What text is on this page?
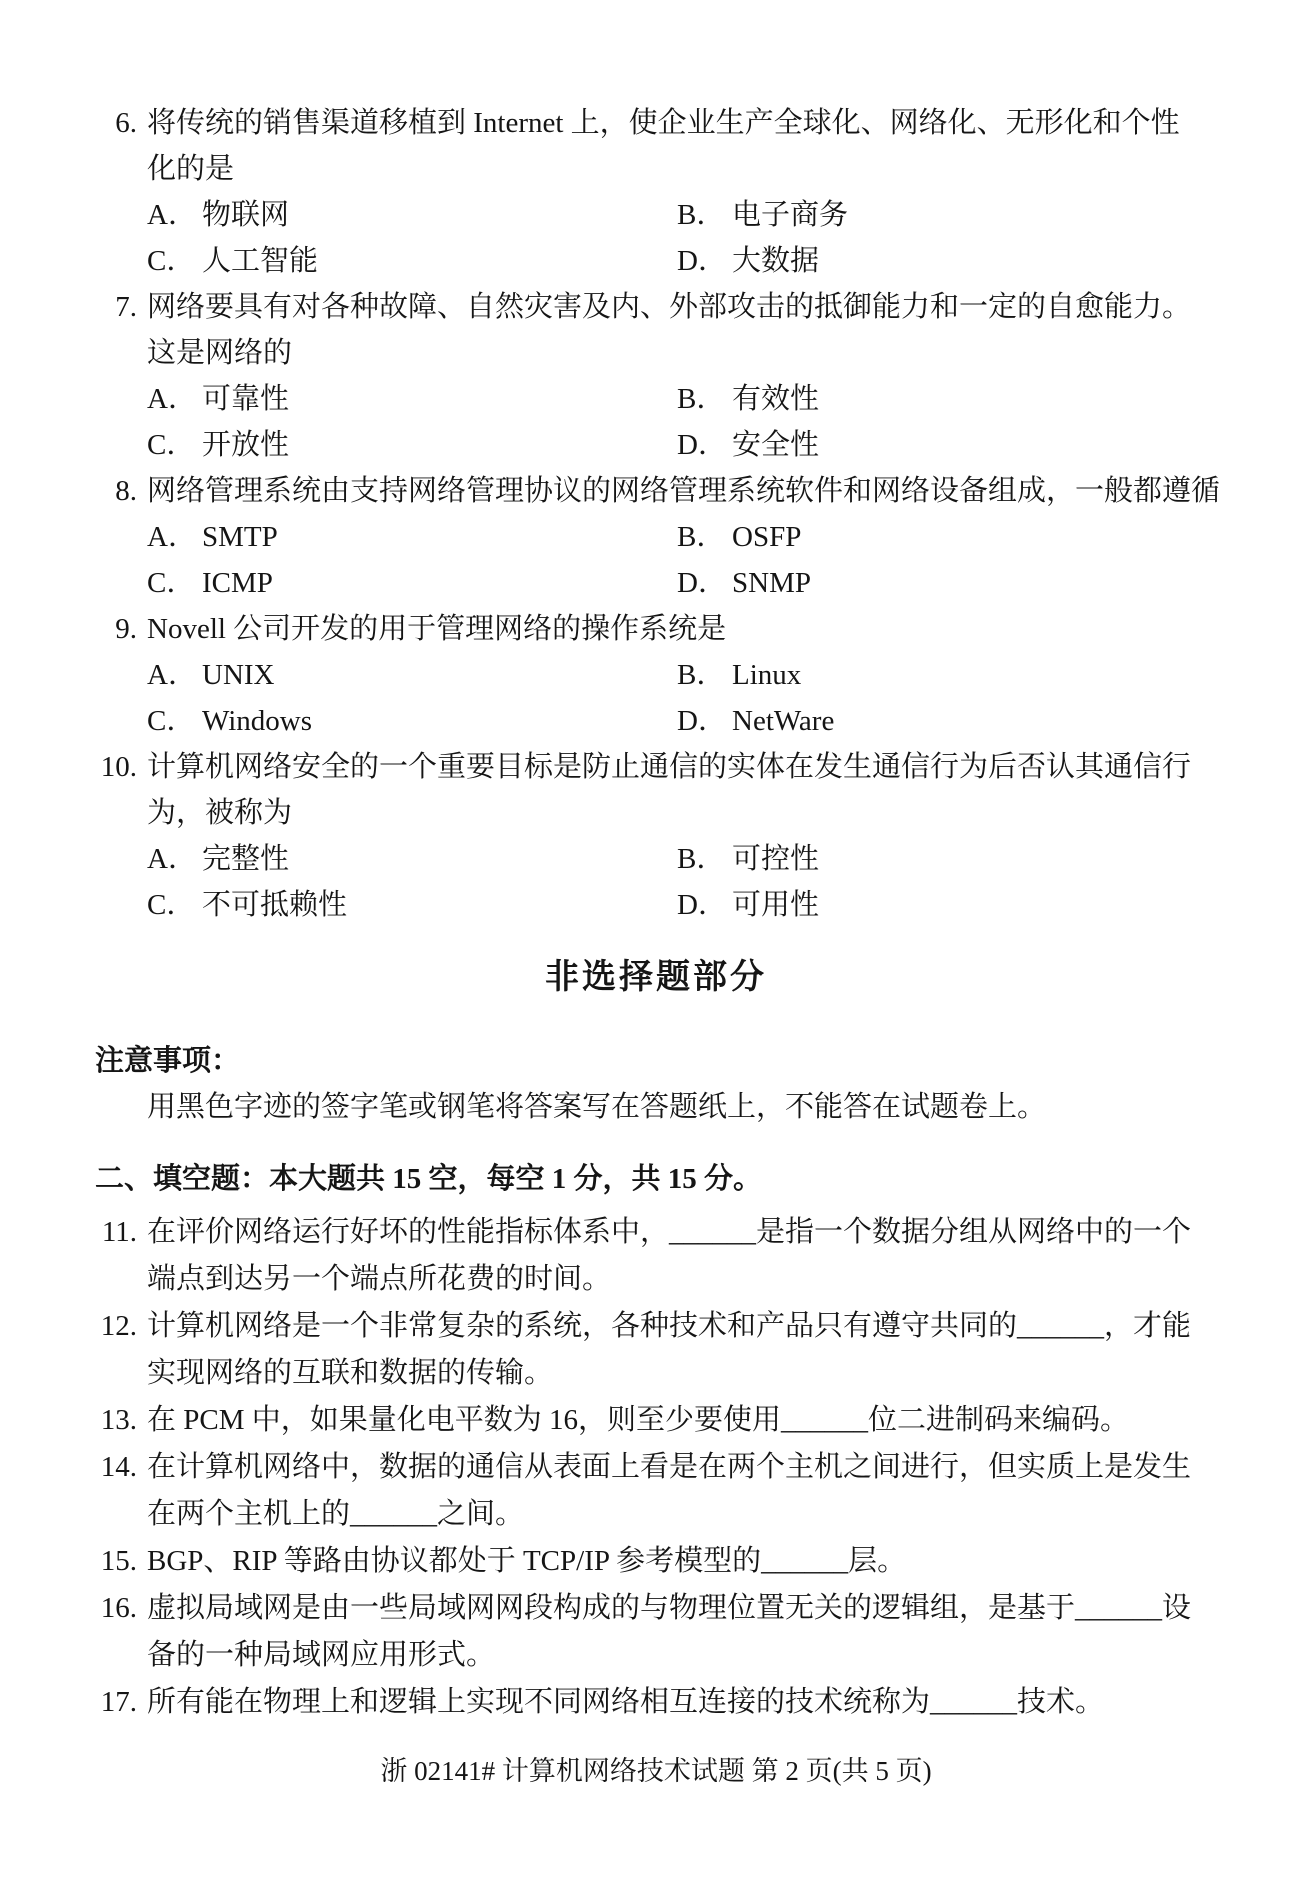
6. 将传统的销售渠道移植到 Internet 上，使企业生产全球化、网络化、无形化和个性
化的是
A． 物联网	B． 电子商务
C． 人工智能	D． 大数据
7. 网络要具有对各种故障、自然灾害及内、外部攻击的抵御能力和一定的自愈能力。
这是网络的
A． 可靠性	B． 有效性
C． 开放性	D． 安全性
8. 网络管理系统由支持网络管理协议的网络管理系统软件和网络设备组成，一般都遵循
A． SMTP	B． OSFP
C． ICMP	D． SNMP
9. Novell 公司开发的用于管理网络的操作系统是
A． UNIX	B． Linux
C． Windows	D． NetWare
10. 计算机网络安全的一个重要目标是防止通信的实体在发生通信行为后否认其通信行
为，被称为
A． 完整性	B． 可控性
C． 不可抵赖性	D． 可用性
非选择题部分
注意事项：
用黑色字迹的签字笔或钢笔将答案写在答题纸上，不能答在试题卷上。
二、填空题：本大题共 15 空，每空 1 分，共 15 分。
11. 在评价网络运行好坏的性能指标体系中，______是指一个数据分组从网络中的一个
端点到达另一个端点所花费的时间。
12. 计算机网络是一个非常复杂的系统，各种技术和产品只有遵守共同的______，才能
实现网络的互联和数据的传输。
13. 在 PCM 中，如果量化电平数为 16，则至少要使用______位二进制码来编码。
14. 在计算机网络中，数据的通信从表面上看是在两个主机之间进行，但实质上是发生
在两个主机上的______之间。
15. BGP、RIP 等路由协议都处于 TCP/IP 参考模型的______层。
16. 虚拟局域网是由一些局域网网段构成的与物理位置无关的逻辑组，是基于______设
备的一种局域网应用形式。
17. 所有能在物理上和逻辑上实现不同网络相互连接的技术统称为______技术。
浙 02141# 计算机网络技术试题 第 2 页(共 5 页)
